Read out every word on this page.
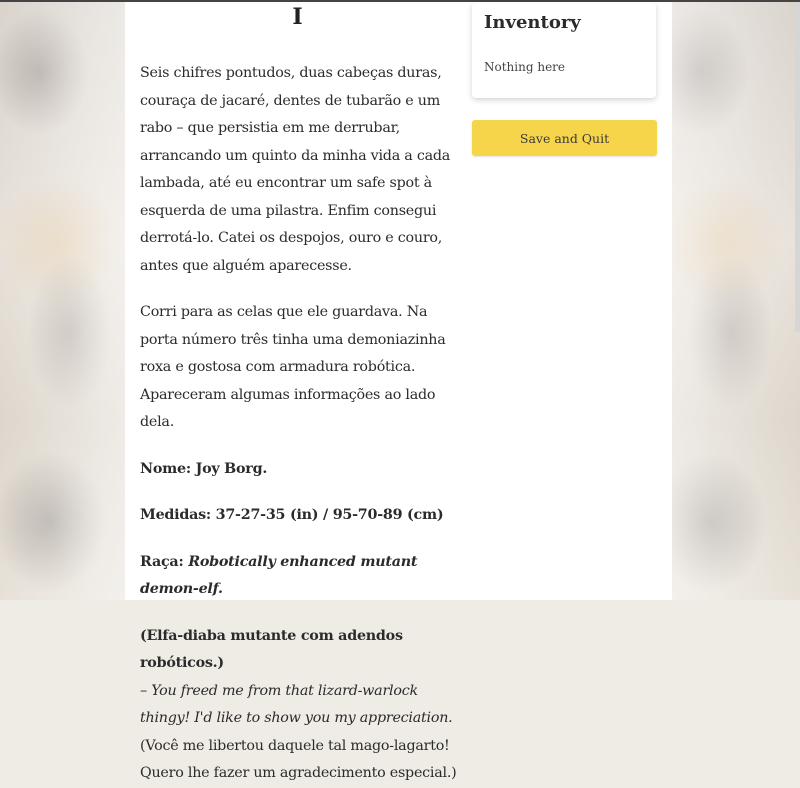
I

Seis chifres pontudos, duas cabeças duras, couraça de jacaré, dentes de tubarão e um rabo – que persistia em me derrubar, arrancando um quinto da minha vida a cada lambada, até eu encontrar um safe spot à esquerda de uma pilastra. Enfim consegui derrotá-lo. Catei os despojos, ouro e couro, antes que alguém aparecesse.

Corri para as celas que ele guardava. Na porta número três tinha uma demoniazinha roxa e gostosa com armadura robótica. Apareceram algumas informações ao lado dela.

Nome: Joy Borg.

Medidas: 37-27-35 (in) / 95-70-89 (cm)

Raça: Robotically enhanced mutant demon-elf.

(Elfa-diaba mutante com adendos robóticos.)
– You freed me from that lizard-warlock thingy! I'd like to show you my appreciation. (Você me libertou daquele tal mago-lagarto! Quero lhe fazer um agradecimento especial.)

Inventory
Nothing here
Save and Quit
